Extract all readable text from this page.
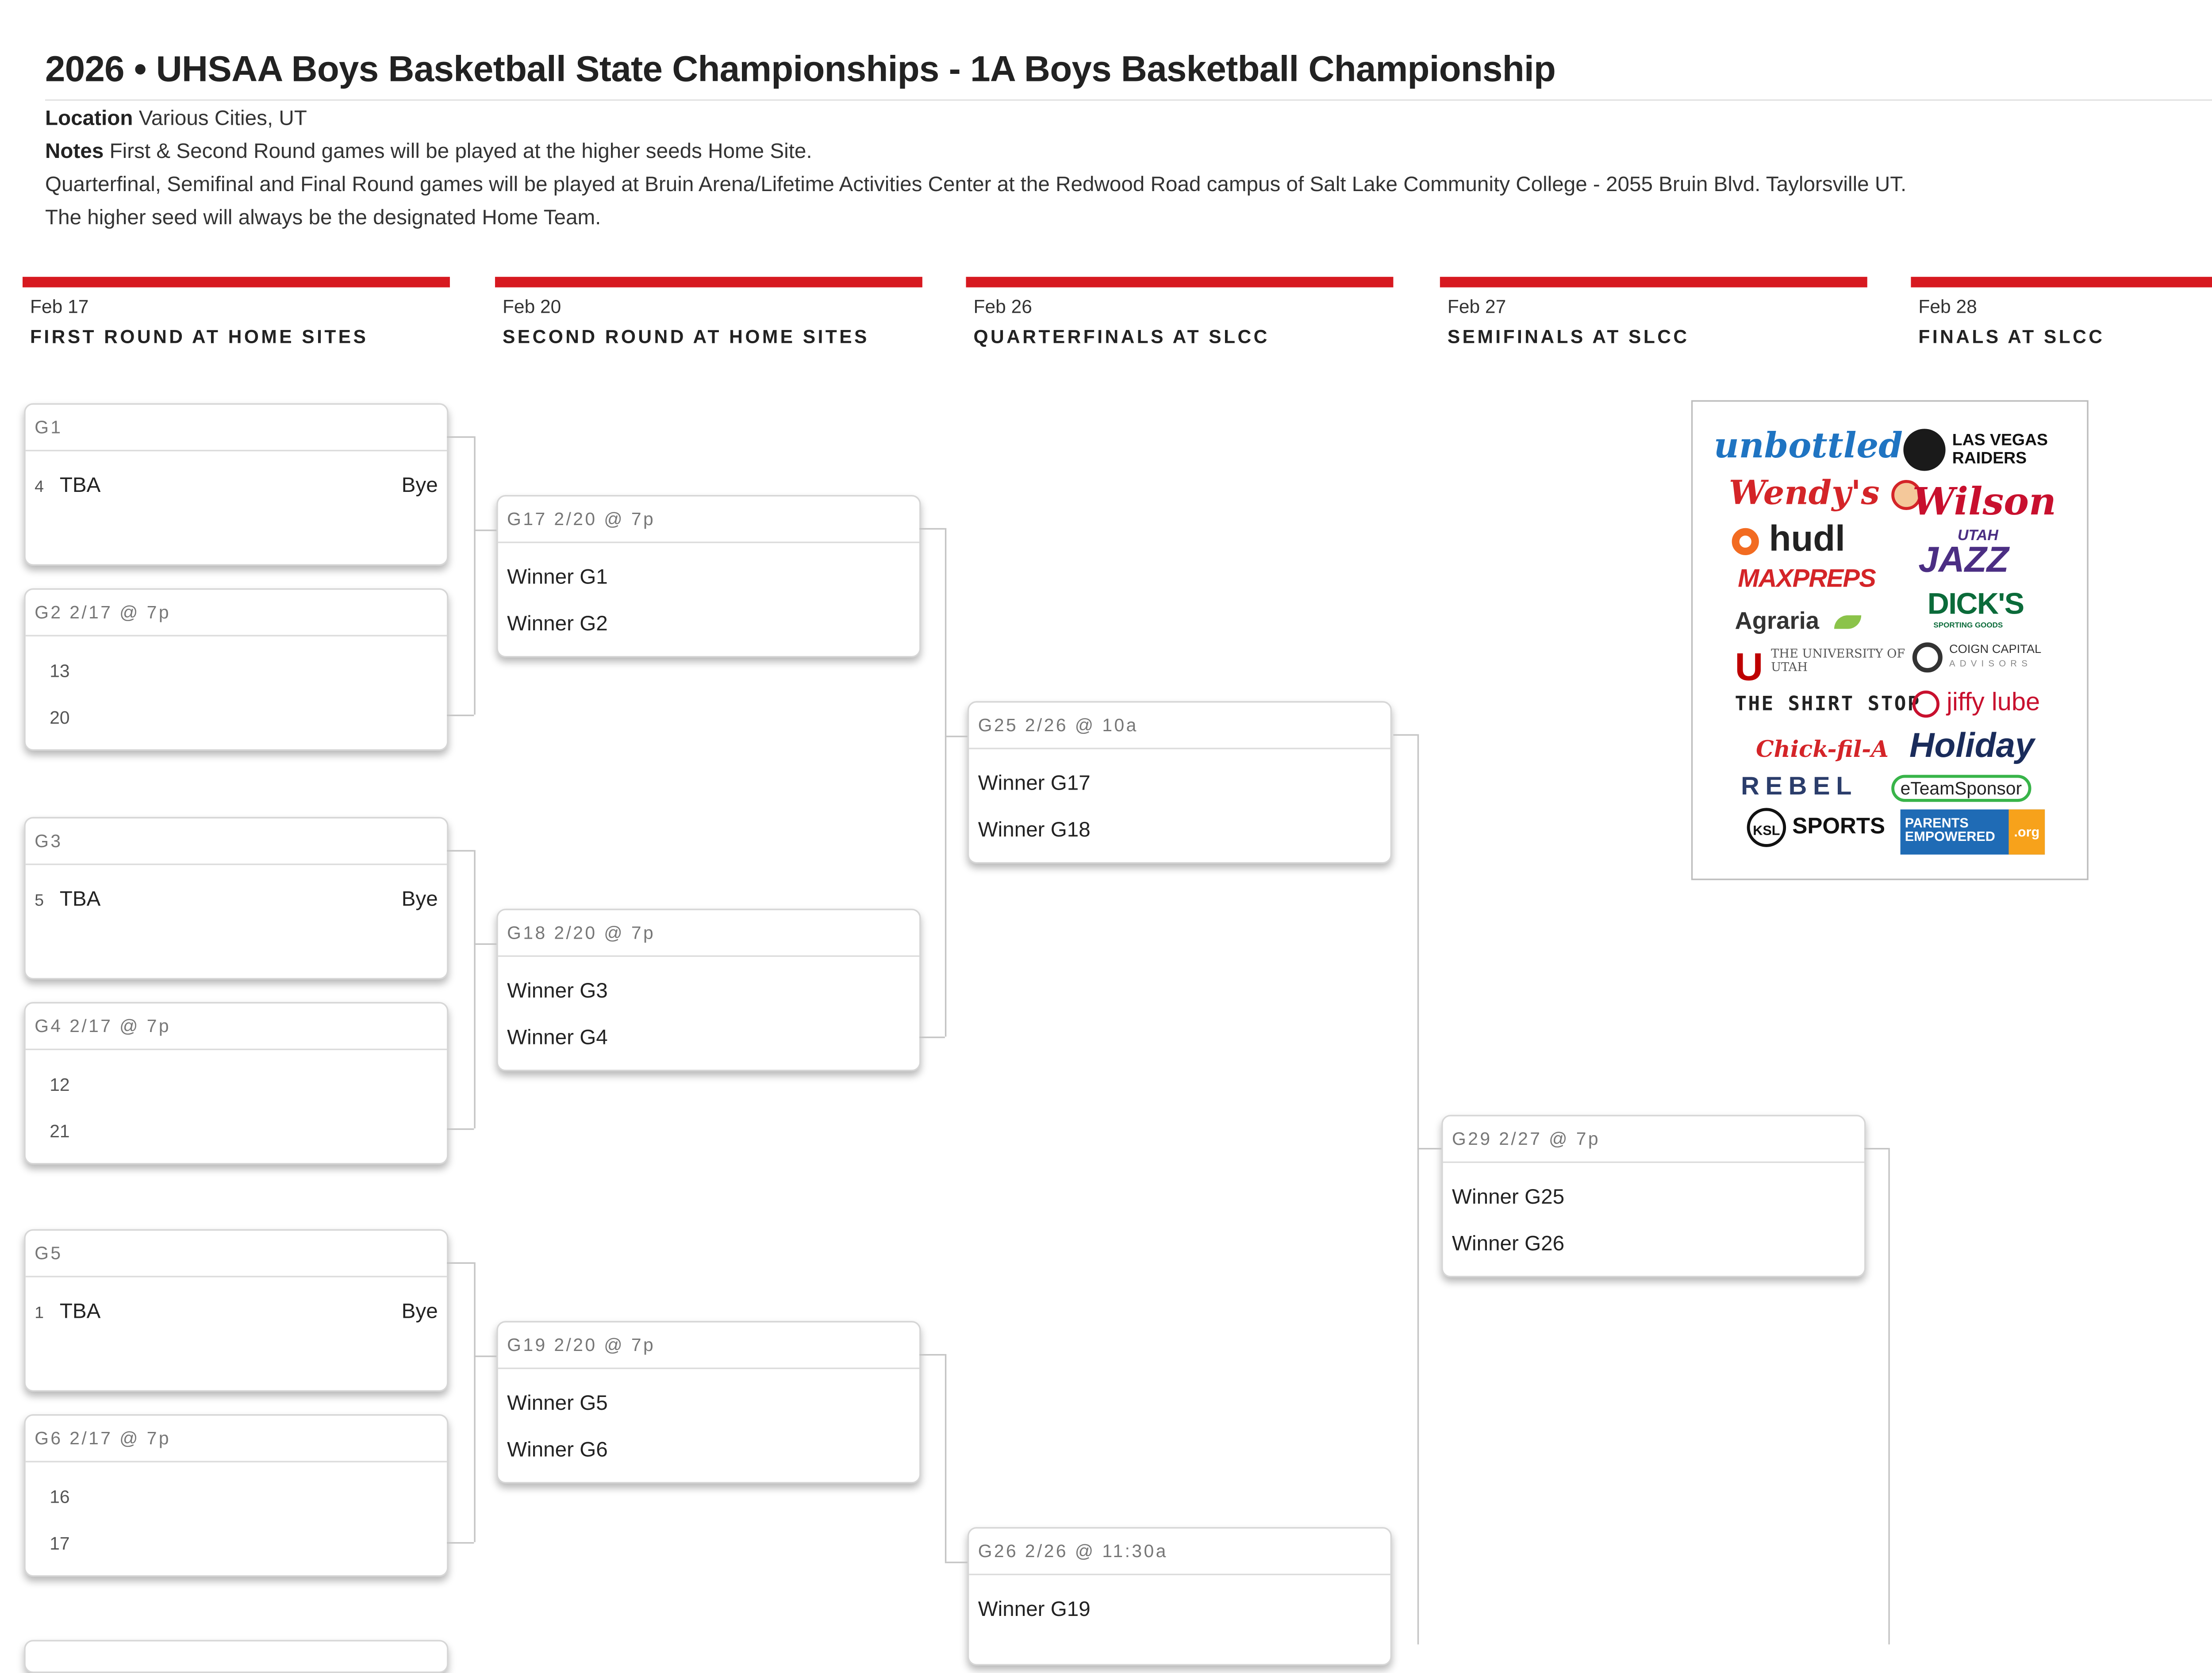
2026 • UHSAA Boys Basketball State Championships - 1A Boys Basketball Championship
Location Various Cities, UT
Notes First & Second Round games will be played at the higher seeds Home Site.
Quarterfinal, Semifinal and Final Round games will be played at Bruin Arena/Lifetime Activities Center at the Redwood Road campus of Salt Lake Community College - 2055 Bruin Blvd. Taylorsville UT.
The higher seed will always be the designated Home Team.
Feb 17
FIRST ROUND AT HOME SITES
Feb 20
SECOND ROUND AT HOME SITES
Feb 26
QUARTERFINALS AT SLCC
Feb 27
SEMIFINALS AT SLCC
Feb 28
FINALS AT SLCC
G1
4	TBA	Bye
G2 2/17 @ 7p
13
20
G3
5	TBA	Bye
G4 2/17 @ 7p
12
21
G5
1	TBA	Bye
G6 2/17 @ 7p
16
17
G17 2/20 @ 7p
Winner G1
Winner G2
G18 2/20 @ 7p
Winner G3
Winner G4
G19 2/20 @ 7p
Winner G5
Winner G6
G25 2/26 @ 10a
Winner G17
Winner G18
G26 2/26 @ 11:30a
Winner G19
G29 2/27 @ 7p
Winner G25
Winner G26
unbottled
Wendy's
hudl
MAXPREPS
Agraria
U THE UNIVERSITY OF UTAH
THE SHIRT STOP
Chick-fil-A
REBEL
KSL SPORTS
LAS VEGAS RAIDERS
Wilson
UTAH
JAZZ
DICK'S
SPORTING GOODS

COIGN CAPITAL
ADVISORS
jiffy lube
Holiday
eTeamSponsor
PARENTS EMPOWERED	.org
